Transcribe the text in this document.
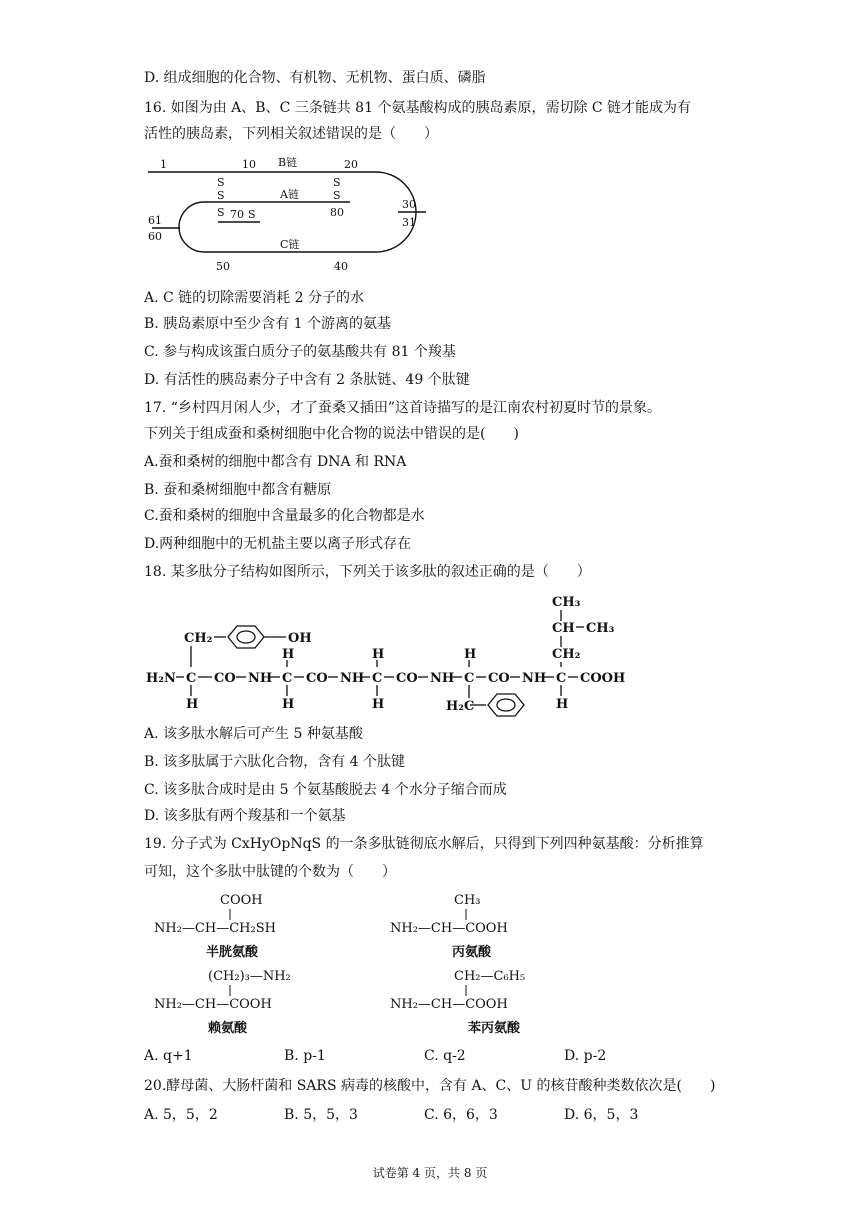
D. 组成细胞的化合物、有机物、无机物、蛋白质、磷脂
16. 如图为由 A、B、C 三条链共 81 个氨基酸构成的胰岛素原，需切除 C 链才能成为有
活性的胰岛素，下列相关叙述错误的是（　　）
1	10 B链	20
S
S
S 70 S
A链
S
S
80
30
31
61
60
C链
50	40
A. C 链的切除需要消耗 2 分子的水
B. 胰岛素原中至少含有 1 个游离的氨基
C. 参与构成该蛋白质分子的氨基酸共有 81 个羧基
D. 有活性的胰岛素分子中含有 2 条肽链、49 个肽键
17. “乡村四月闲人少，才了蚕桑又插田”这首诗描写的是江南农村初夏时节的景象。
下列关于组成蚕和桑树细胞中化合物的说法中错误的是(　　)
A.蚕和桑树的细胞中都含有 DNA 和 RNA
B. 蚕和桑树细胞中都含有糖原
C.蚕和桑树的细胞中含量最多的化合物都是水
D.两种细胞中的无机盐主要以离子形式存在
18. 某多肽分子结构如图所示，下列关于该多肽的叙述正确的是（　　）
H₂N C CO NH C CO NH C CO NH C CO NH C COOH
H
H
H
H
H
H
H
CH₂	OH
CH₃
CH CH₃
CH₂
H₂C
A. 该多肽水解后可产生 5 种氨基酸
B. 该多肽属于六肽化合物，含有 4 个肽键
C. 该多肽合成时是由 5 个氨基酸脱去 4 个水分子缩合而成
D. 该多肽有两个羧基和一个氨基
19. 分子式为 CxHyOpNqS 的一条多肽链彻底水解后，只得到下列四种氨基酸：分析推算
可知，这个多肽中肽键的个数为（　　）
COOH
NH₂—CH—CH₂SH
半胱氨酸
CH₃
NH₂—CH—COOH
丙氨酸
(CH₂)₃—NH₂
NH₂—CH—COOH
赖氨酸
CH₂—C₆H₅
NH₂—CH—COOH
苯丙氨酸
A. q+1	B. p-1	C. q-2	D. p-2
20.酵母菌、大肠杆菌和 SARS 病毒的核酸中，含有 A、C、U 的核苷酸种类数依次是(　　)
A. 5，5，2	B. 5，5，3	C. 6，6，3	D. 6，5，3
试卷第 4 页，共 8 页
